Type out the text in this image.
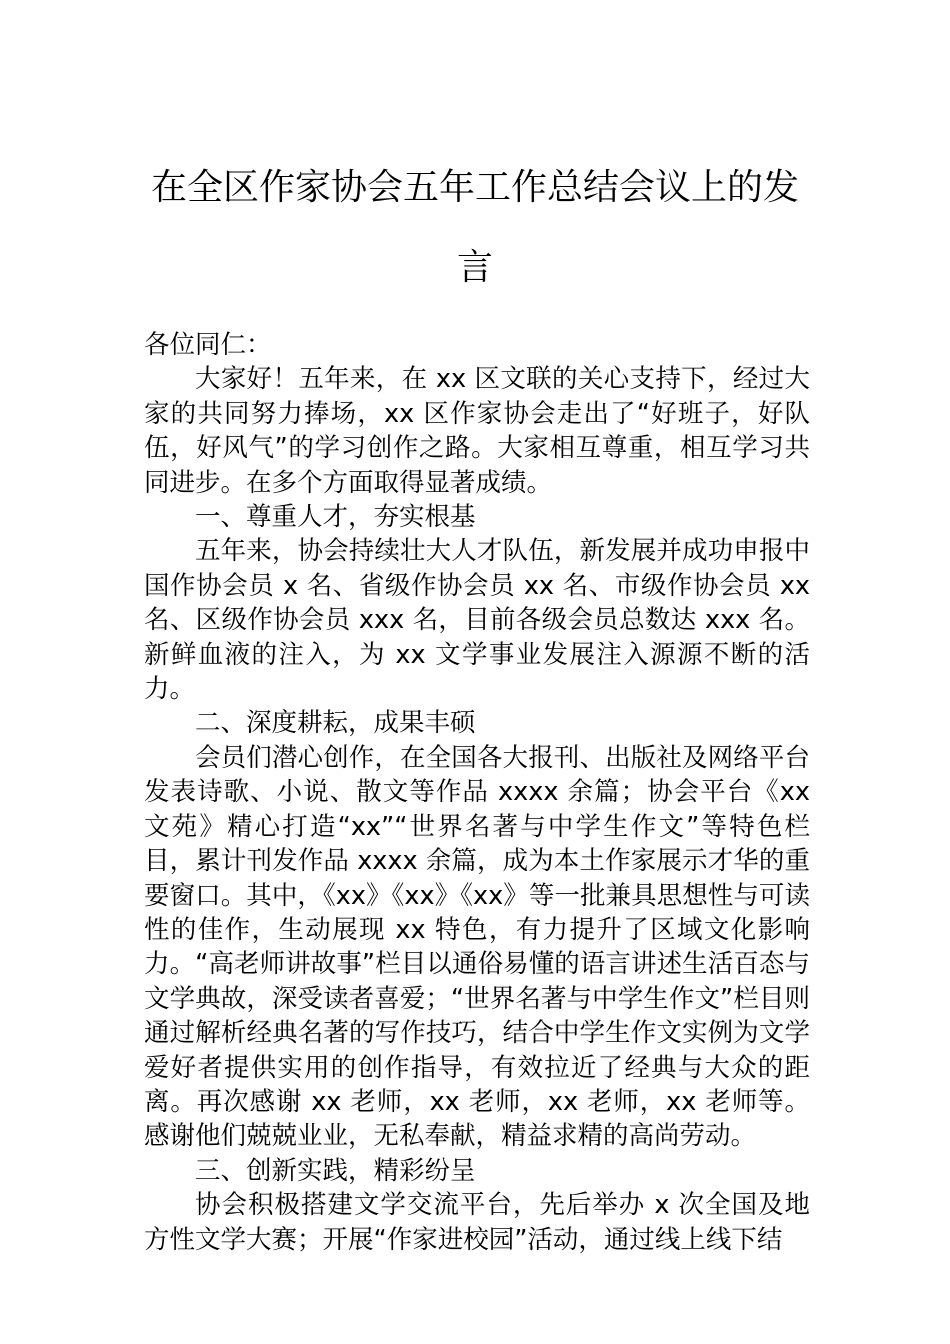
在全区作家协会五年工作总结会议上的发
言

各位同仁：

大家好！五年来，在 xx 区文联的关心支持下，经过大家的共同努力捧场，xx 区作家协会走出了“好班子，好队伍，好风气”的学习创作之路。大家相互尊重，相互学习共同进步。在多个方面取得显著成绩。

一、尊重人才，夯实根基

五年来，协会持续壮大人才队伍，新发展并成功申报中国作协会员 x 名、省级作协会员 xx 名、市级作协会员 xx 名、区级作协会员 xxx 名，目前各级会员总数达 xxx 名。新鲜血液的注入，为 xx 文学事业发展注入源源不断的活力。

二、深度耕耘，成果丰硕

会员们潜心创作，在全国各大报刊、出版社及网络平台发表诗歌、小说、散文等作品 xxxx 余篇；协会平台《xx 文苑》精心打造“xx”“世界名著与中学生作文”等特色栏目，累计刊发作品 xxxx 余篇，成为本土作家展示才华的重要窗口。其中，《xx》《xx》《xx》等一批兼具思想性与可读性的佳作，生动展现 xx 特色，有力提升了区域文化影响力。“高老师讲故事”栏目以通俗易懂的语言讲述生活百态与文学典故，深受读者喜爱；“世界名著与中学生作文”栏目则通过解析经典名著的写作技巧，结合中学生作文实例为文学爱好者提供实用的创作指导，有效拉近了经典与大众的距离。再次感谢 xx 老师，xx 老师，xx 老师，xx 老师等。感谢他们兢兢业业，无私奉献，精益求精的高尚劳动。

三、创新实践，精彩纷呈

协会积极搭建文学交流平台，先后举办 x 次全国及地方性文学大赛；开展“作家进校园”活动，通过线上线下结
